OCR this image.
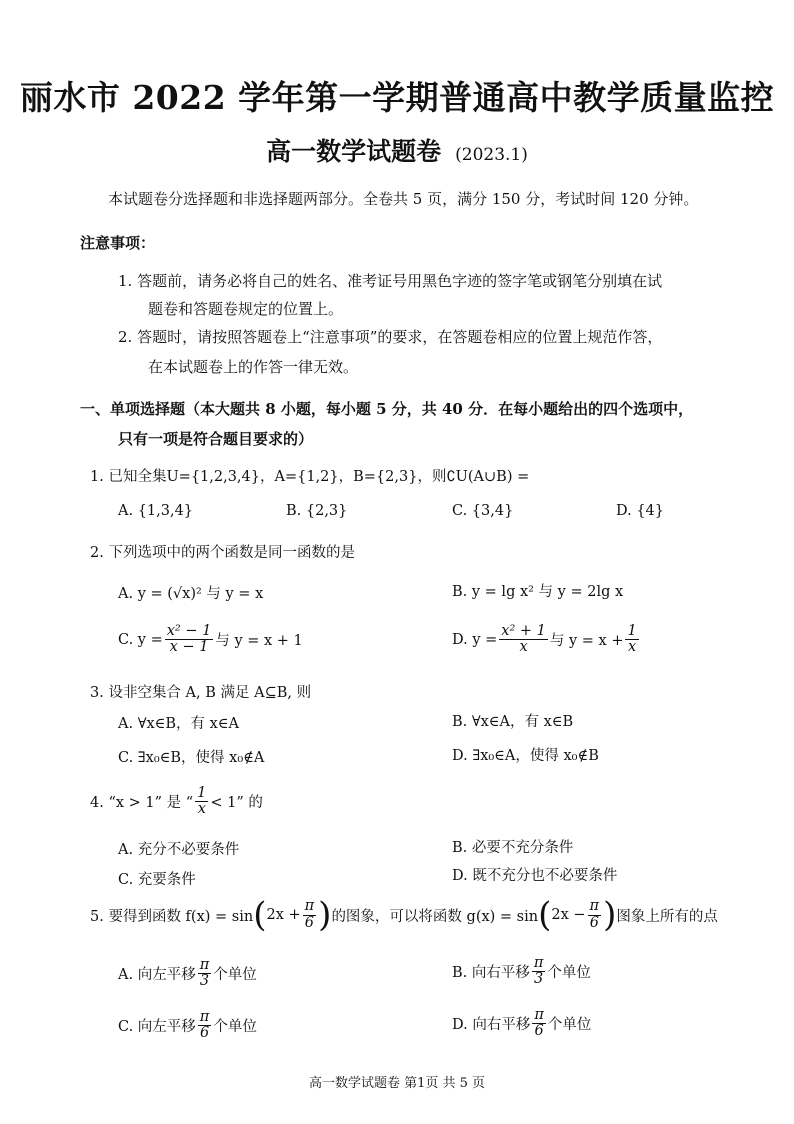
丽水市 2022 学年第一学期普通高中教学质量监控
高一数学试题卷 (2023.1)
本试题卷分选择题和非选择题两部分。全卷共 5 页，满分 150 分，考试时间 120 分钟。
注意事项：
1. 答题前，请务必将自己的姓名、准考证号用黑色字迹的签字笔或钢笔分别填在试
题卷和答题卷规定的位置上。
2. 答题时，请按照答题卷上“注意事项”的要求，在答题卷相应的位置上规范作答，
在本试题卷上的作答一律无效。
一、单项选择题（本大题共 8 小题，每小题 5 分，共 40 分．在每小题给出的四个选项中，
只有一项是符合题目要求的）
1. 已知全集U={1,2,3,4}，A={1,2}，B={2,3}，则∁U(A∪B) =
A. {1,3,4}	B. {2,3}	C. {3,4}	D. {4}
2. 下列选项中的两个函数是同一函数的是
A. y = (√x)² 与 y = x	B. y = lg x² 与 y = 2lg x
C. $y = \frac{\text{x² − 1}}{x - 1}$ 与 y = x + 1	D. $y = \frac{\text{x² + 1}}{x}$ 与 $y = x + \frac{1}{x}$
3. 设非空集合 A, B 满足 A⊆B, 则
A. ∀x∈B，有 x∈A	B. ∀x∈A，有 x∈B
C. ∃x₀∈B，使得 x₀∉A	D. ∃x₀∈A，使得 x₀∉B
4. “x > 1” 是 “ $\frac{1}{x} < 1$” 的
A. 充分不必要条件	B. 必要不充分条件
C. 充要条件	D. 既不充分也不必要条件
5. 要得到函数 f(x) = sin ( $2x + \frac{\pi}{6}$ ) 的图象，可以将函数 g(x) = sin ( $2x - \frac{\pi}{6}$ ) 图象上所有的点
A. 向左平移 $\frac{\pi}{3}$ 个单位	B. 向右平移 $\frac{\pi}{3}$ 个单位
C. 向左平移 $\frac{\pi}{6}$ 个单位	D. 向右平移 $\frac{\pi}{6}$ 个单位
高一数学试题卷 第1页 共 5 页
